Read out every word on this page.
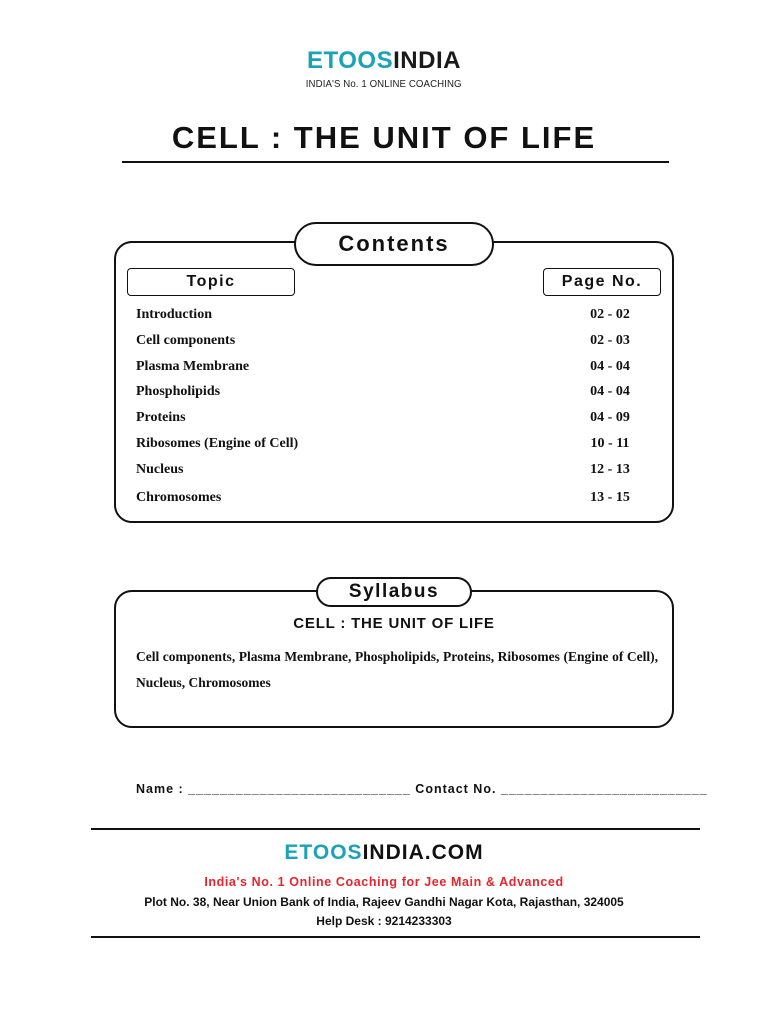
ETOOSINDIA
INDIA'S No. 1 ONLINE COACHING
CELL : THE UNIT OF LIFE
Contents
Topic	Page No.
Introduction	02 - 02
Cell components	02 - 03
Plasma Membrane	04 - 04
Phospholipids	04 - 04
Proteins	04 - 09
Ribosomes (Engine of Cell)	10 - 11
Nucleus	12 - 13
Chromosomes	13 - 15
Syllabus
CELL : THE UNIT OF LIFE
Cell components, Plasma Membrane, Phospholipids, Proteins, Ribosomes (Engine of Cell), Nucleus, Chromosomes
Name : ____________________________ Contact No. __________________________
ETOOSINDIA.COM
India's No. 1 Online Coaching for Jee Main & Advanced
Plot No. 38, Near Union Bank of India, Rajeev Gandhi Nagar Kota, Rajasthan, 324005
Help Desk : 9214233303
